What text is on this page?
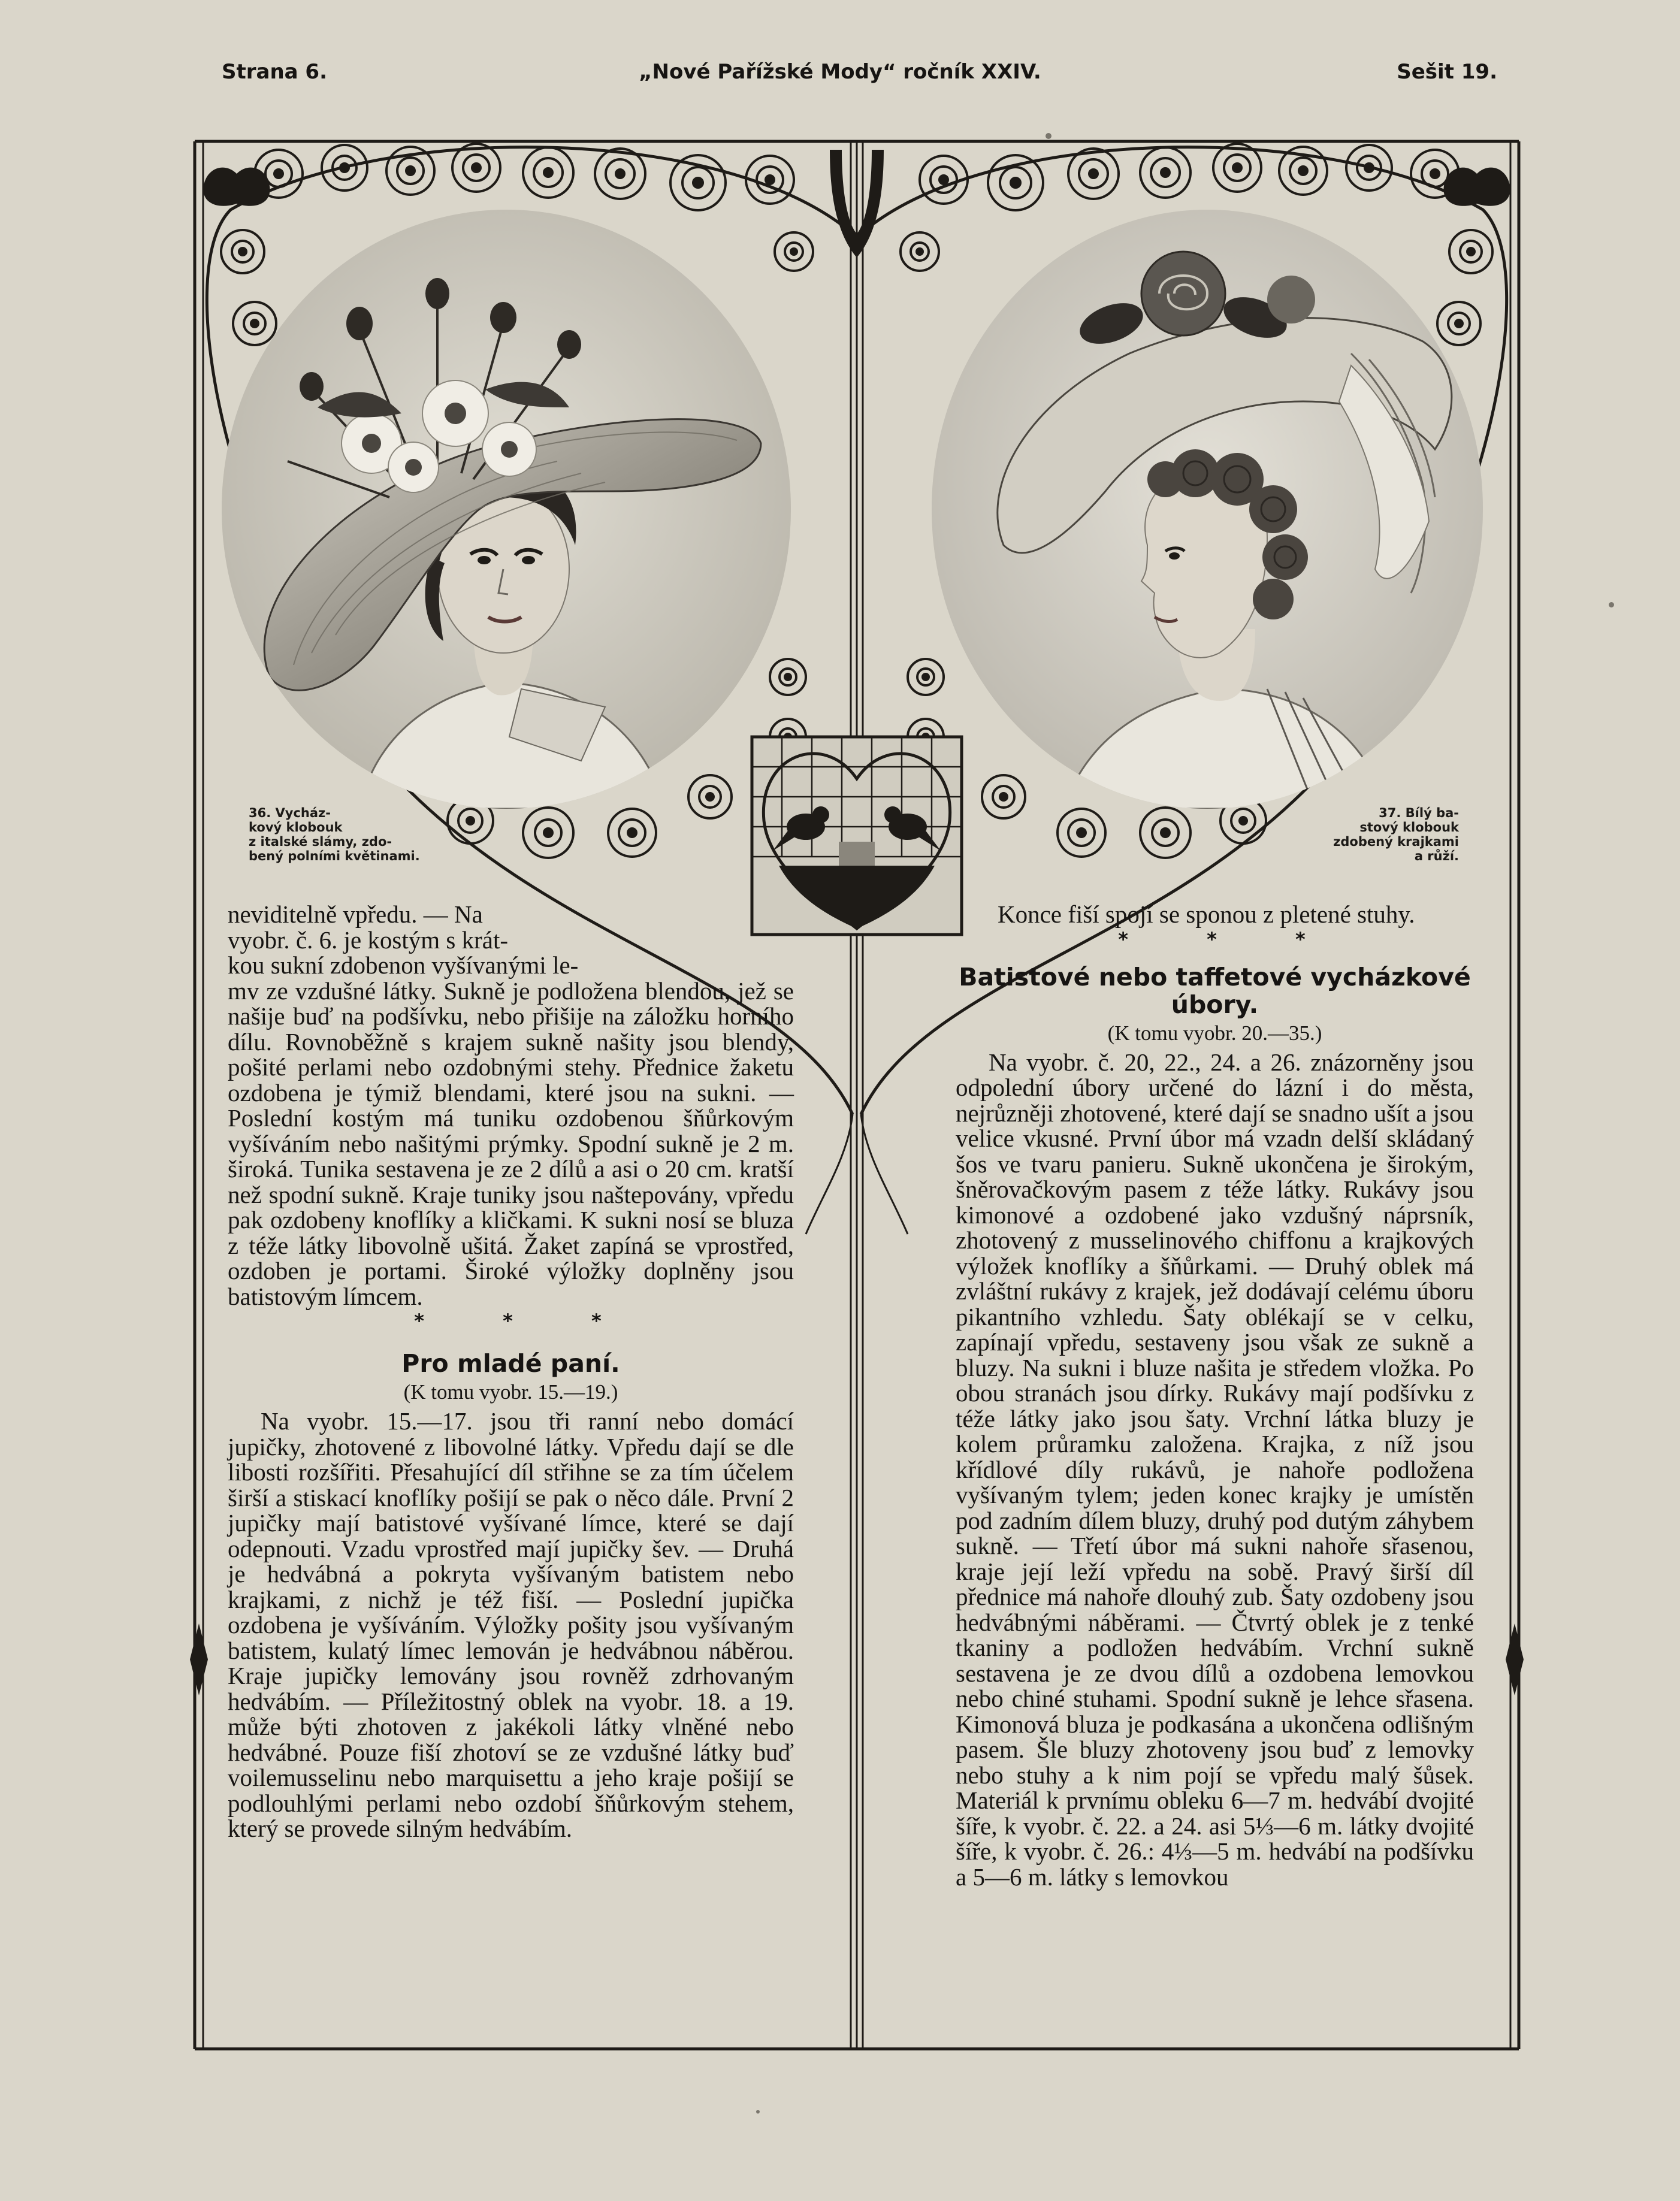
Strana 6.	„Nové Pařížské Mody“ ročník XXIV.	Sešit 19.
36. Vycház-
kový klobouk
z italské slámy, zdo-
bený polními květinami.
37. Bílý ba-
stový klobouk
zdobený krajkami
a růží.

neviditelně vpředu. — Na

vyobr. č. 6. je kostým s krát-

kou sukní zdobenon vyšívanými le-

mv ze vzdušné látky. Sukně je podložena blendou, jež se našije buď na podšívku, nebo přišije na záložku horního dílu. Rovnoběžně s krajem sukně našity jsou blendy, pošité perlami nebo ozdobnými stehy. Přednice žaketu ozdobena je týmiž blendami, které jsou na sukni. — Poslední kostým má tuniku ozdobenou šňůrkovým vyšíváním nebo našitými prýmky. Spodní sukně je 2 m. široká. Tunika sestavena je ze 2 dílů a asi o 20 cm. kratší než spodní sukně. Kraje tuniky jsou naštepovány, vpředu pak ozdobeny knoflíky a kličkami. K sukni nosí se bluza z téže látky libovolně ušitá. Žaket zapíná se vprostřed, ozdoben je portami. Široké výložky doplněny jsou batistovým límcem.

* * *
Pro mladé paní.
(K tomu vyobr. 15.—19.)

Na vyobr. 15.—17. jsou tři ranní nebo domácí jupičky, zhotovené z libovolné látky. Vpředu dají se dle libosti rozšířiti. Přesahující díl střihne se za tím účelem širší a stiskací knoflíky pošijí se pak o něco dále. První 2 jupičky mají batistové vyšívané límce, které se dají odepnouti. Vzadu vprostřed mají jupičky šev. — Druhá je hedvábná a pokryta vyšívaným batistem nebo krajkami, z nichž je též fiší. — Poslední jupička ozdobena je vyšíváním. Výložky pošity jsou vyšívaným batistem, kulatý límec lemován je hedvábnou náběrou. Kraje jupičky lemovány jsou rovněž zdrhovaným hedvábím. — Příležitostný oblek na vyobr. 18. a 19. může býti zhotoven z jakékoli látky vlněné nebo hedvábné. Pouze fiší zhotoví se ze vzdušné látky buď voilemusselinu nebo marquisettu a jeho kraje pošijí se podlouhlými perlami nebo ozdobí šňůrkovým stehem, který se provede silným hedvábím.

Konce fiší spojí se sponou z pletené stuhy.

* * *
Batistové nebo taffetové vycházkové úbory.
(K tomu vyobr. 20.—35.)

Na vyobr. č. 20, 22., 24. a 26. znázorněny jsou odpolední úbory určené do lázní i do města, nejrůzněji zhotovené, které dají se snadno ušít a jsou velice vkusné. První úbor má vzadn delší skládaný šos ve tvaru panieru. Sukně ukončena je širokým, šněrovačkovým pasem z téže látky. Rukávy jsou kimonové a ozdobené jako vzdušný náprsník, zhotovený z musselinového chiffonu a krajkových výložek knoflíky a šňůrkami. — Druhý oblek má zvláštní rukávy z krajek, jež dodávají celému úboru pikantního vzhledu. Šaty oblékají se v celku, zapínají vpředu, sestaveny jsou však ze sukně a bluzy. Na sukni i bluze našita je středem vložka. Po obou stranách jsou dírky. Rukávy mají podšívku z téže látky jako jsou šaty. Vrchní látka bluzy je kolem průramku založena. Krajka, z níž jsou křídlové díly rukávů, je nahoře podložena vyšívaným tylem; jeden konec krajky je umístěn pod zadním dílem bluzy, druhý pod dutým záhybem sukně. — Třetí úbor má sukni nahoře sřasenou, kraje její leží vpředu na sobě. Pravý širší díl přednice má nahoře dlouhý zub. Šaty ozdobeny jsou hedvábnými náběrami. — Čtvrtý oblek je z tenké tkaniny a podložen hedvábím. Vrchní sukně sestavena je ze dvou dílů a ozdobena lemovkou nebo chiné stuhami. Spodní sukně je lehce sřasena. Kimonová bluza je podkasána a ukončena odlišným pasem. Šle bluzy zhotoveny jsou buď z lemovky nebo stuhy a k nim pojí se vpředu malý šůsek. Materiál k prvnímu obleku 6—7 m. hedvábí dvojité šíře, k vyobr. č. 22. a 24. asi 5⅓—6 m. látky dvojité šíře, k vyobr. č. 26.: 4⅓—5 m. hedvábí na podšívku a 5—6 m. látky s lemovkou
